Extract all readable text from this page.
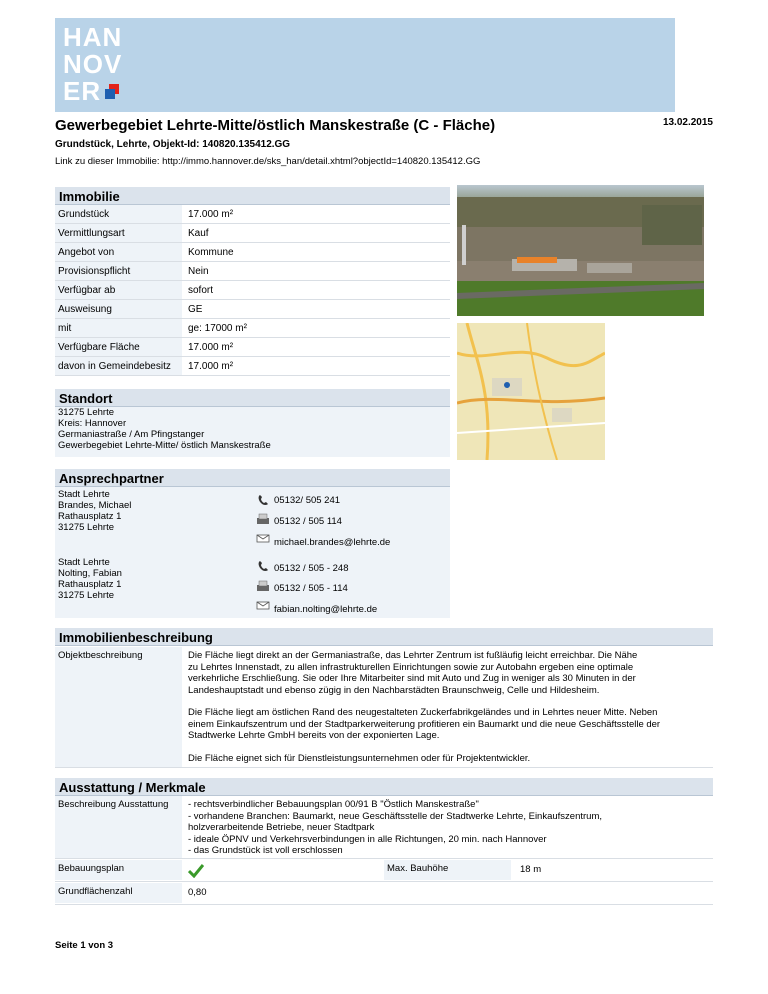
HAN
NOV
ER
Gewerbegebiet Lehrte-Mitte/östlich Manskestraße (C - Fläche)	13.02.2015
Grundstück, Lehrte, Objekt-Id: 140820.135412.GG
Link zu dieser Immobilie: http://immo.hannover.de/sks_han/detail.xhtml?objectId=140820.135412.GG
Immobilie
Grundstück	17.000 m²
Vermittlungsart	Kauf
Angebot von	Kommune
Provisionspflicht	Nein
Verfügbar ab	sofort
Ausweisung	GE
mit	ge: 17000 m²
Verfügbare Fläche	17.000 m²
davon in Gemeindebesitz	17.000 m²
Standort
31275 Lehrte
Kreis: Hannover
Germaniastraße / Am Pfingstanger
Gewerbegebiet Lehrte-Mitte/ östlich Manskestraße
Ansprechpartner
Stadt Lehrte
Brandes, Michael
Rathausplatz 1
31275 Lehrte
05132/ 505 241
05132 / 505 114
michael.brandes@lehrte.de
Stadt Lehrte
Nolting, Fabian
Rathausplatz 1
31275 Lehrte
05132 / 505 - 248
05132 / 505 - 114
fabian.nolting@lehrte.de
Immobilienbeschreibung
Objektbeschreibung	Die Fläche liegt direkt an der Germaniastraße, das Lehrter Zentrum ist fußläufig leicht erreichbar. Die Nähe
zu Lehrtes Innenstadt, zu allen infrastrukturellen Einrichtungen sowie zur Autobahn ergeben eine optimale
verkehrliche Erschließung. Sie oder Ihre Mitarbeiter sind mit Auto und Zug in weniger als 30 Minuten in der
Landeshauptstadt und ebenso zügig in den Nachbarstädten Braunschweig, Celle und Hildesheim.
Die Fläche liegt am östlichen Rand des neugestalteten Zuckerfabrikgeländes und in Lehrtes neuer Mitte. Neben
einem Einkaufszentrum und der Stadtparkerweiterung profitieren ein Baumarkt und die neue Geschäftsstelle der
Stadtwerke Lehrte GmbH bereits von der exponierten Lage.
Die Fläche eignet sich für Dienstleistungsunternehmen oder für Projektentwickler.
Ausstattung / Merkmale
Beschreibung Ausstattung	- rechtsverbindlicher Bebauungsplan 00/91 B "Östlich Manskestraße"
- vorhandene Branchen: Baumarkt, neue Geschäftsstelle der Stadtwerke Lehrte, Einkaufszentrum,
holzverarbeitende Betriebe, neuer Stadtpark
- ideale ÖPNV und Verkehrsverbindungen in alle Richtungen, 20 min. nach Hannover
- das Grundstück ist voll erschlossen
Bebauungsplan	Max. Bauhöhe	18 m
Grundflächenzahl	0,80
Seite 1 von 3
